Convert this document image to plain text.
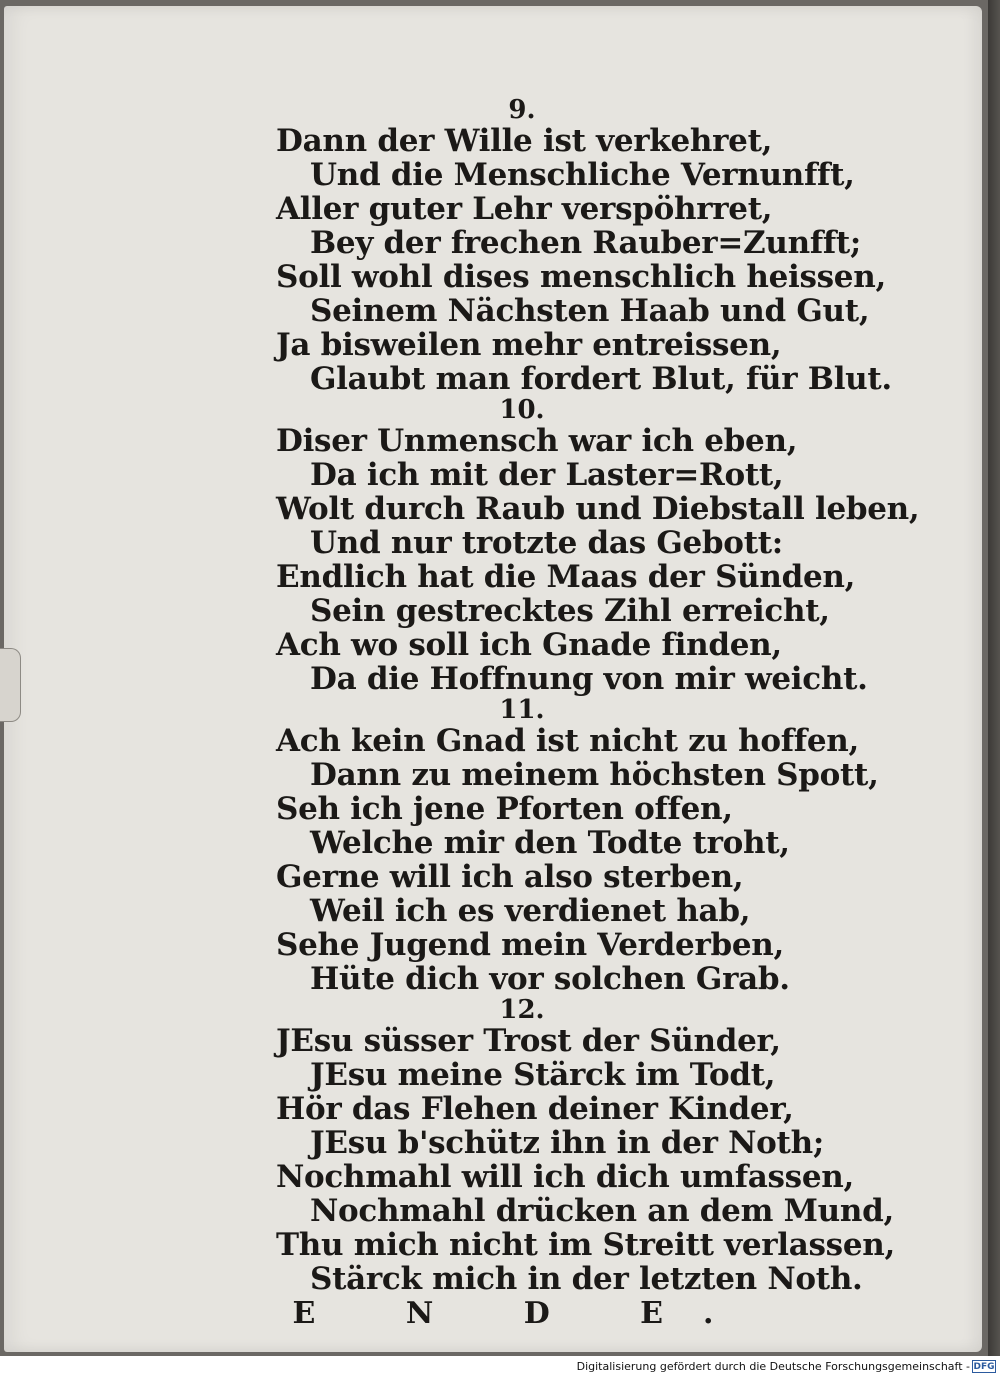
9.
Dann der Wille ist verkehret,
Und die Menschliche Vernunfft,
Aller guter Lehr verspöhrret,
Bey der frechen Rauber=Zunfft;
Soll wohl dises menschlich heissen,
Seinem Nächsten Haab und Gut,
Ja bisweilen mehr entreissen,
Glaubt man fordert Blut, für Blut.
10.
Diser Unmensch war ich eben,
Da ich mit der Laster=Rott,
Wolt durch Raub und Diebstall leben,
Und nur trotzte das Gebott:
Endlich hat die Maas der Sünden,
Sein gestrecktes Zihl erreicht,
Ach wo soll ich Gnade finden,
Da die Hoffnung von mir weicht.
11.
Ach kein Gnad ist nicht zu hoffen,
Dann zu meinem höchsten Spott,
Seh ich jene Pforten offen,
Welche mir den Todte troht,
Gerne will ich also sterben,
Weil ich es verdienet hab,
Sehe Jugend mein Verderben,
Hüte dich vor solchen Grab.
12.
JEsu süsser Trost der Sünder,
JEsu meine Stärck im Todt,
Hör das Flehen deiner Kinder,
JEsu b'schütz ihn in der Noth;
Nochmahl will ich dich umfassen,
Nochmahl drücken an dem Mund,
Thu mich nicht im Streitt verlassen,
Stärck mich in der letzten Noth.
E N D E.
Digitalisierung gefördert durch die Deutsche Forschungsgemeinschaft - DFG
